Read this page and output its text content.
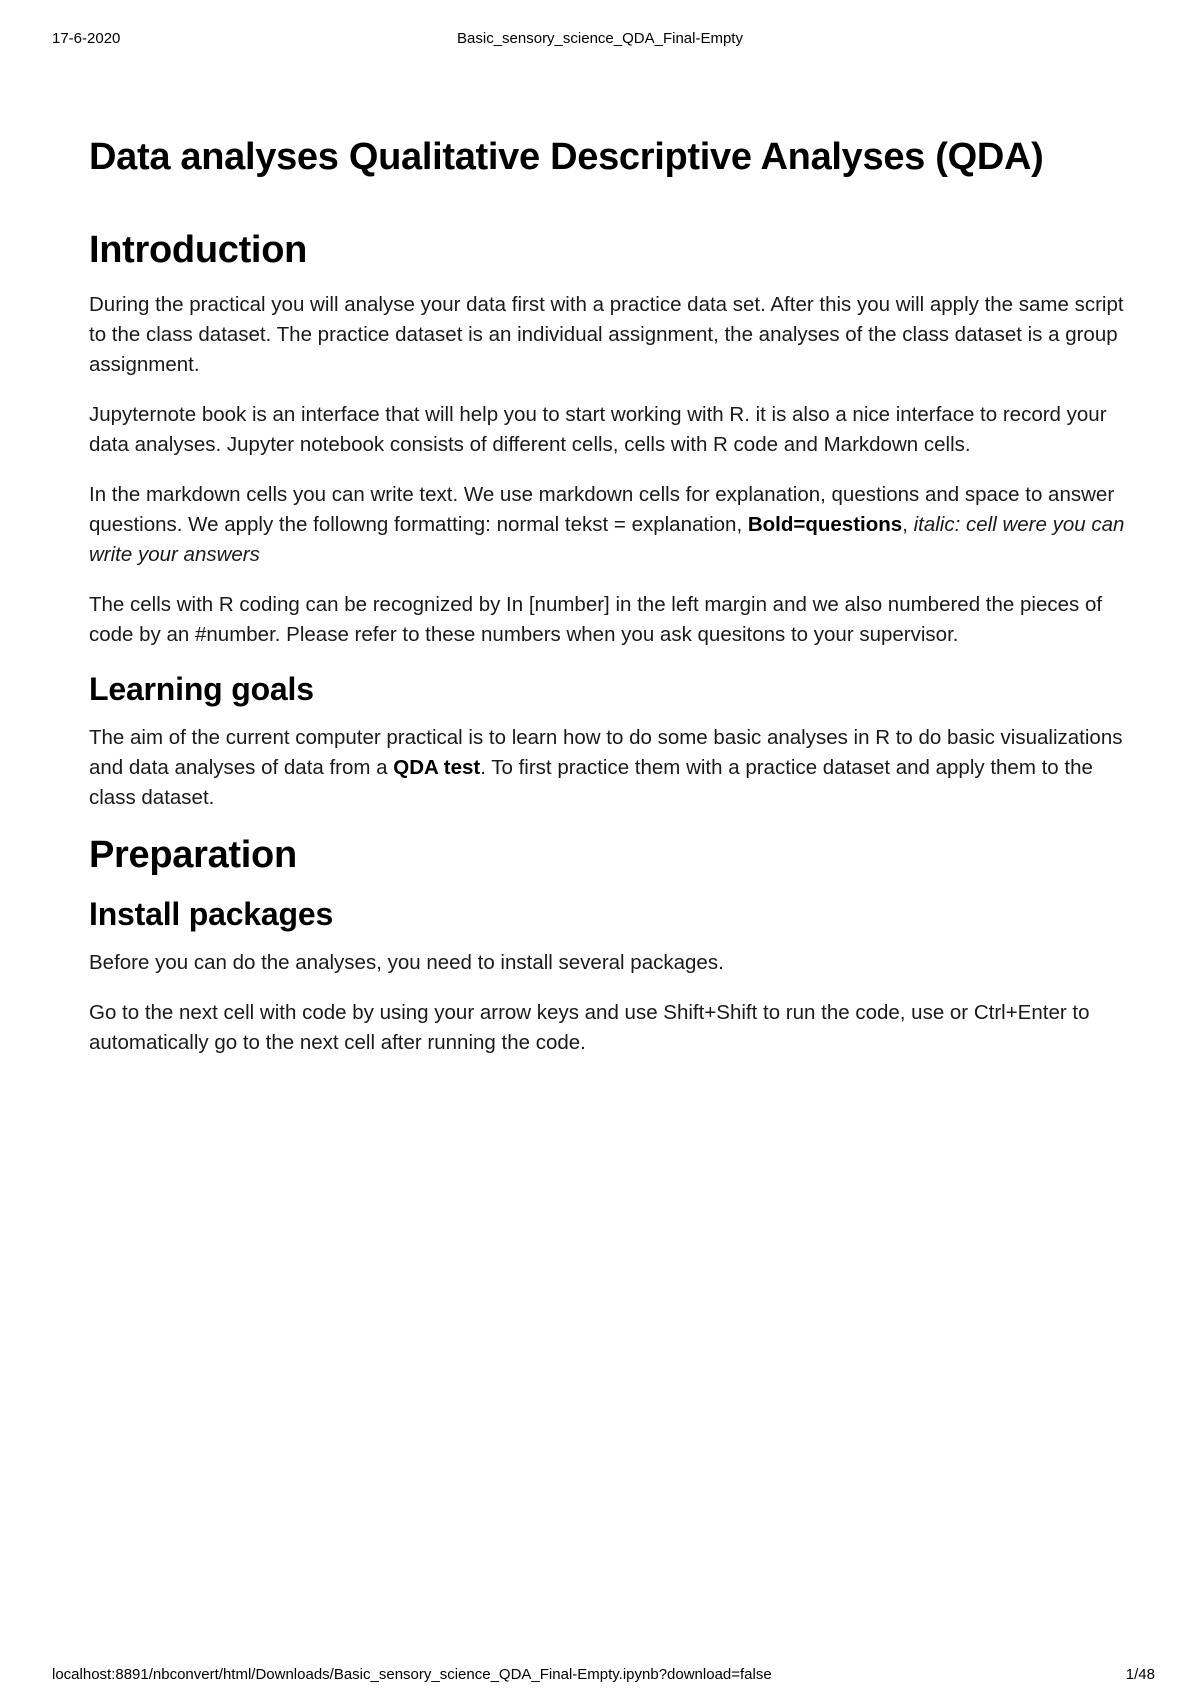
Basic_sensory_science_QDA_Final-Empty
17-6-2020
Data analyses Qualitative Descriptive Analyses (QDA)
Introduction

During the practical you will analyse your data first with a practice data set. After this you will apply the same script to the class dataset. The practice dataset is an individual assignment, the analyses of the class dataset is a group assignment.

Jupyternote book is an interface that will help you to start working with R. it is also a nice interface to record your data analyses. Jupyter notebook consists of different cells, cells with R code and Markdown cells.

In the markdown cells you can write text. We use markdown cells for explanation, questions and space to answer questions. We apply the followng formatting: normal tekst = explanation, Bold=questions, italic: cell were you can write your answers

The cells with R coding can be recognized by In [number] in the left margin and we also numbered the pieces of code by an #number. Please refer to these numbers when you ask quesitons to your supervisor.

Learning goals

The aim of the current computer practical is to learn how to do some basic analyses in R to do basic visualizations and data analyses of data from a QDA test. To first practice them with a practice dataset and apply them to the class dataset.

Preparation
Install packages

Before you can do the analyses, you need to install several packages.

Go to the next cell with code by using your arrow keys and use Shift+Shift to run the code, use or Ctrl+Enter to automatically go to the next cell after running the code.

localhost:8891/nbconvert/html/Downloads/Basic_sensory_science_QDA_Final-Empty.ipynb?download=false	1/48
